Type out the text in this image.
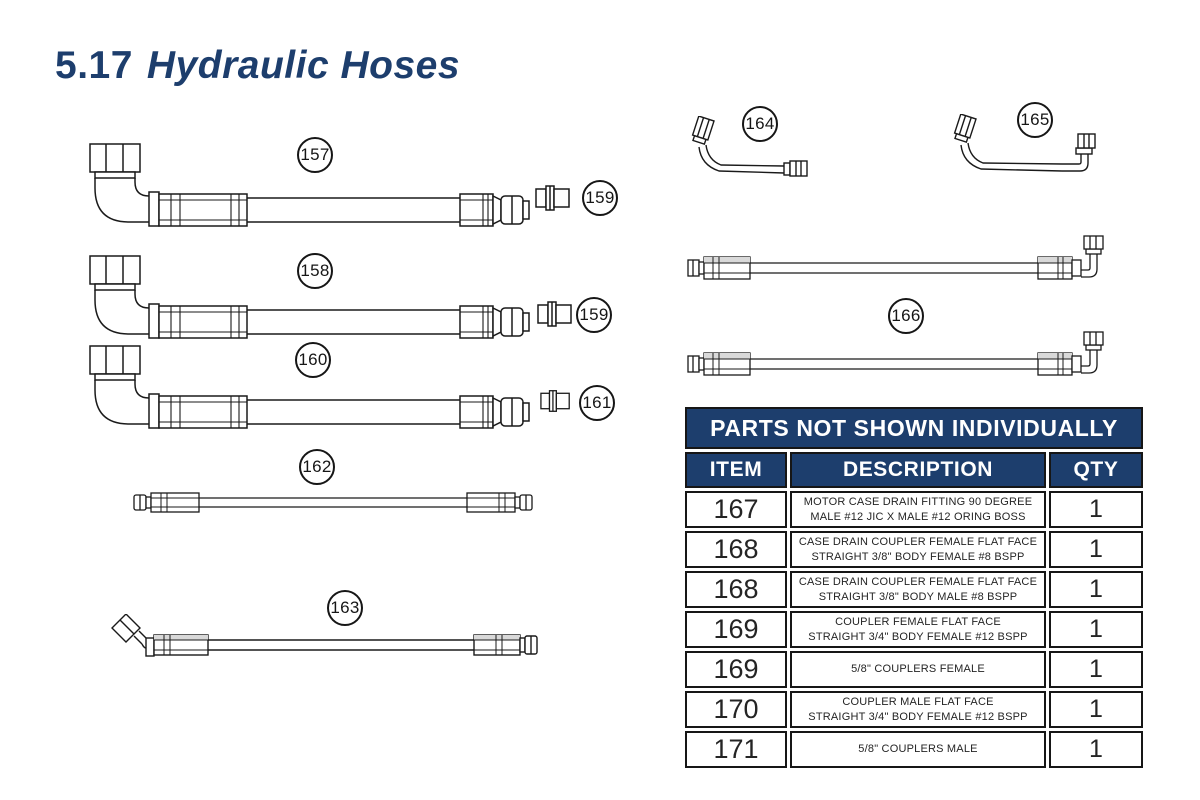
5.17 Hydraulic Hoses
157
159
158
159
160
161
162
163
164	165
166
PARTS NOT SHOWN INDIVIDUALLY		
ITEM	DESCRIPTION	QTY
167	MOTOR CASE DRAIN FITTING 90 DEGREE
MALE #12 JIC X MALE #12 ORING BOSS	1
168	CASE DRAIN COUPLER FEMALE FLAT FACE
STRAIGHT 3/8" BODY FEMALE #8 BSPP	1
168	CASE DRAIN COUPLER FEMALE FLAT FACE
STRAIGHT 3/8" BODY MALE #8 BSPP	1
169	COUPLER FEMALE FLAT FACE
STRAIGHT 3/4" BODY FEMALE #12 BSPP	1
169	5/8" COUPLERS FEMALE	1
170	COUPLER MALE FLAT FACE
STRAIGHT 3/4" BODY FEMALE #12 BSPP	1
171	5/8" COUPLERS MALE	1
